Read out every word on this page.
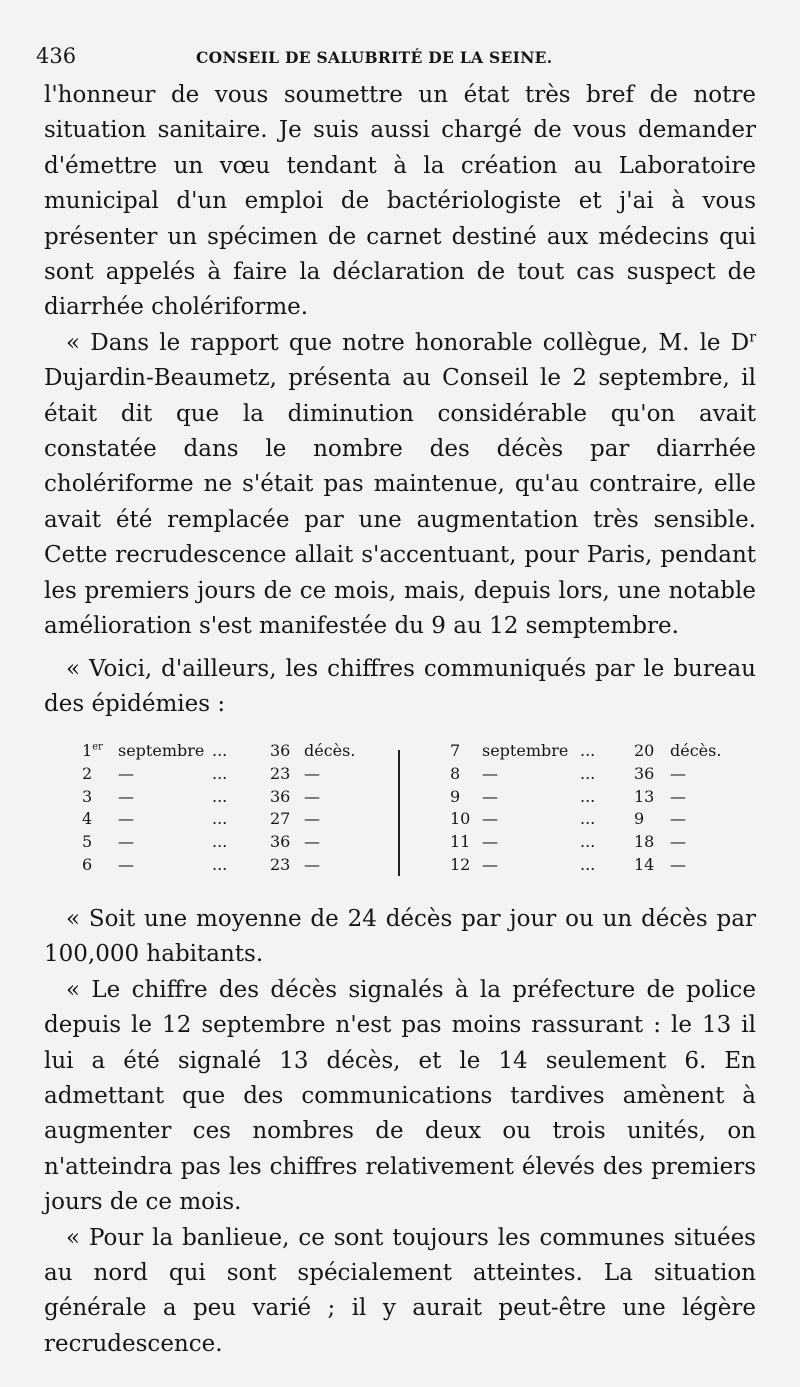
436	CONSEIL DE SALUBRITÉ DE LA SEINE.

l'honneur de vous soumettre un état très bref de notre situation sanitaire. Je suis aussi chargé de vous demander d'émettre un vœu tendant à la création au Laboratoire municipal d'un emploi de bactériologiste et j'ai à vous présenter un spécimen de carnet destiné aux médecins qui sont appelés à faire la déclaration de tout cas suspect de diarrhée cholériforme.

« Dans le rapport que notre honorable collègue, M. le $D^r$ Dujardin-Beaumetz, présenta au Conseil le 2 septembre, il était dit que la diminution considérable qu'on avait constatée dans le nombre des décès par diarrhée cholériforme ne s'était pas maintenue, qu'au contraire, elle avait été remplacée par une augmentation très sensible. Cette recrudescence allait s'accentuant, pour Paris, pendant les premiers jours de ce mois, mais, depuis lors, une notable amélioration s'est manifestée du 9 au 12 semptembre.

« Voici, d'ailleurs, les chiffres communiqués par le bureau des épidémies :

1er septembre ...	36 décès.
2 —	...	23 —
3 —	...	36 —
4 —	...	27 —
5 —	...	36 —
6 —	...	23 —
7 septembre ... 20 décès.
8 —	... 36 —
9 —	... 13 —
10 —	... 9 —
11 —	... 18 —
12 —	... 14 —

« Soit une moyenne de 24 décès par jour ou un décès par 100,000 habitants.

« Le chiffre des décès signalés à la préfecture de police depuis le 12 septembre n'est pas moins rassurant : le 13 il lui a été signalé 13 décès, et le 14 seulement 6. En admettant que des communications tardives amènent à augmenter ces nombres de deux ou trois unités, on n'atteindra pas les chiffres relativement élevés des premiers jours de ce mois.

« Pour la banlieue, ce sont toujours les communes situées au nord qui sont spécialement atteintes. La situation générale a peu varié ; il y aurait peut-être une légère recrudescence.
